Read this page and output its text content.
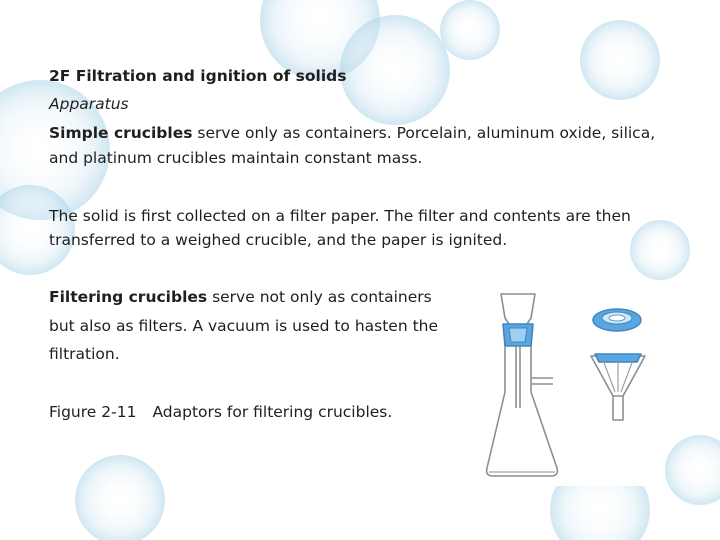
2F Filtration and ignition of solids
Apparatus
Simple crucibles serve only as containers. Porcelain, aluminum oxide, silica,
and platinum crucibles maintain constant mass.
The solid is first collected on a filter paper. The filter and contents are then
transferred to a weighed crucible, and the paper is ignited.
Filtering crucibles serve not only as containers
but also as filters. A vacuum is used to hasten the
filtration.
Figure 2-11 Adaptors for filtering crucibles.
